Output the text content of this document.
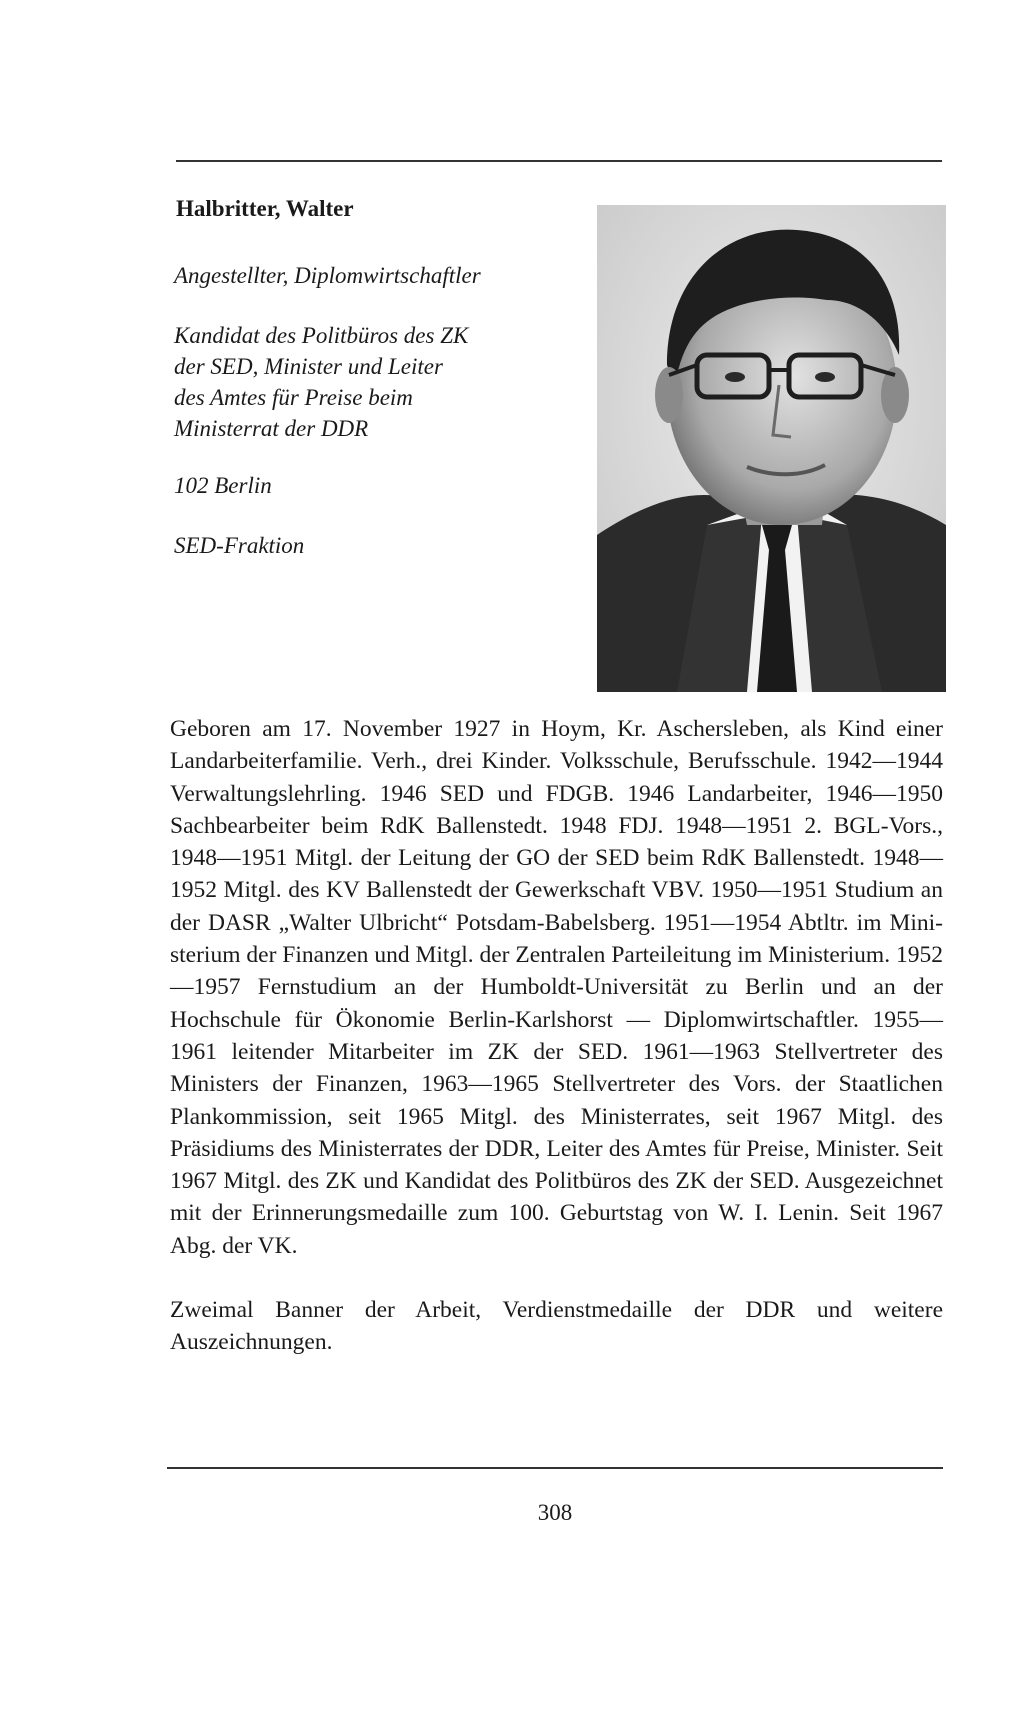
Halbritter, Walter

Angestellter, Diplomwirtschaftler

Kandidat des Politbüros des ZK
der SED, Minister und Leiter
des Amtes für Preise beim
Ministerrat der DDR

102 Berlin

SED-Fraktion

Geboren am 17. November 1927 in Hoym, Kr. Aschersleben, als Kind einer Landarbeiterfamilie. Verh., drei Kinder. Volksschule, Berufsschule. 1942—1944 Verwaltungslehrling. 1946 SED und FDGB. 1946 Landarbeiter, 1946—1950 Sachbearbeiter beim RdK Ballenstedt. 1948 FDJ. 1948—1951 2. BGL-Vors., 1948—1951 Mitgl. der Leitung der GO der SED beim RdK Ballenstedt. 1948—1952 Mitgl. des KV Ballenstedt der Gewerkschaft VBV. 1950—1951 Studium an der DASR „Walter Ulbricht“ Potsdam-Babelsberg. 1951—1954 Abtltr. im Ministerium der Finanzen und Mitgl. der Zentralen Parteileitung im Ministerium. 1952—1957 Fernstudium an der Humboldt-Universität zu Berlin und an der Hochschule für Ökonomie Berlin-Karlshorst — Diplomwirtschaftler. 1955—1961 leitender Mitarbeiter im ZK der SED. 1961—1963 Stellvertreter des Ministers der Finanzen, 1963—1965 Stellvertreter des Vors. der Staatlichen Plankommission, seit 1965 Mitgl. des Ministerrates, seit 1967 Mitgl. des Präsidiums des Ministerrates der DDR, Leiter des Amtes für Preise, Minister. Seit 1967 Mitgl. des ZK und Kandidat des Politbüros des ZK der SED. Ausgezeichnet mit der Erinnerungsmedaille zum 100. Geburtstag von W. I. Lenin. Seit 1967 Abg. der VK.

Zweimal Banner der Arbeit, Verdienstmedaille der DDR und weitere Auszeichnungen.

308
